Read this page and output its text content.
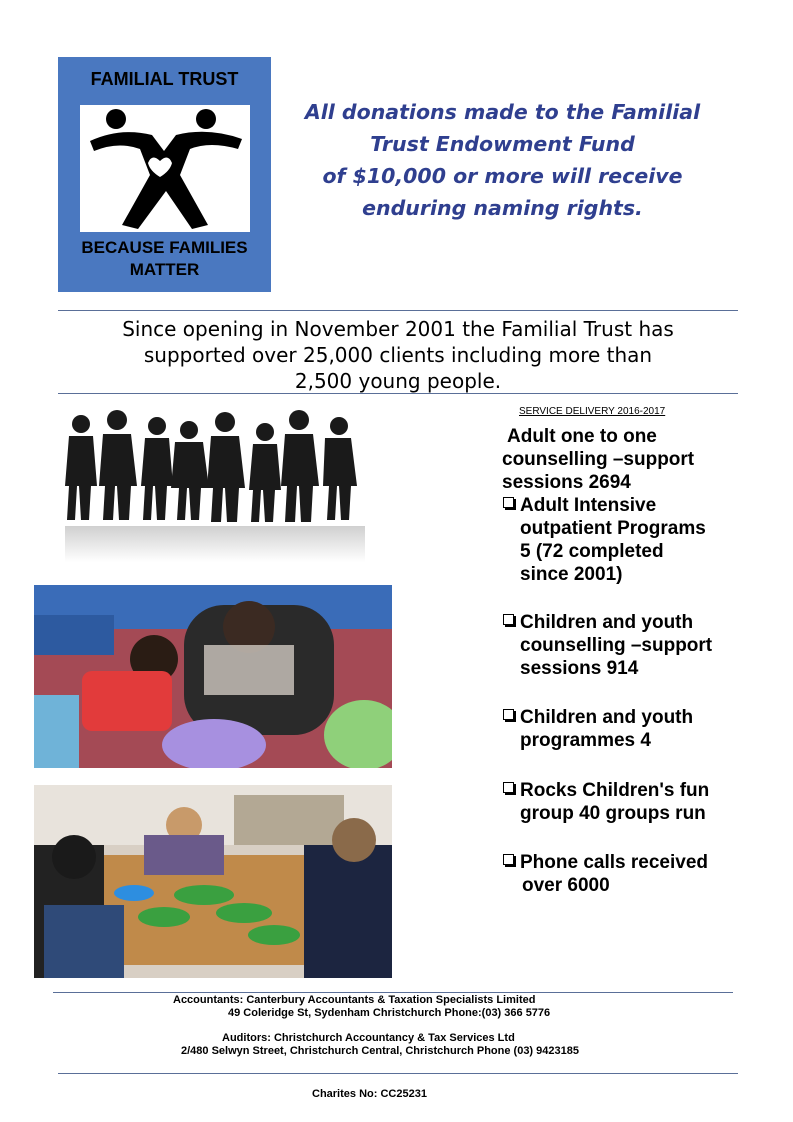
FAMILIAL TRUST
BECAUSE FAMILIES
MATTER
All donations made to the Familial
Trust Endowment Fund
of $10,000 or more will receive
enduring naming rights.
Since opening in November 2001 the Familial Trust has
supported over 25,000 clients including more than
2,500 young people.
SERVICE DELIVERY 2016-2017
Adult one to one
counselling –support
sessions 2694
Adult Intensive
outpatient Programs
5 (72 completed
since 2001)
Children and youth
counselling –support
sessions 914
Children and youth
programmes 4
Rocks Children's fun
group 40 groups run
Phone calls received
over 6000
Accountants: Canterbury Accountants & Taxation Specialists Limited
49 Coleridge St, Sydenham Christchurch Phone:(03) 366 5776
Auditors: Christchurch Accountancy & Tax Services Ltd
2/480 Selwyn Street, Christchurch Central, Christchurch Phone (03) 9423185
Charites No: CC25231
